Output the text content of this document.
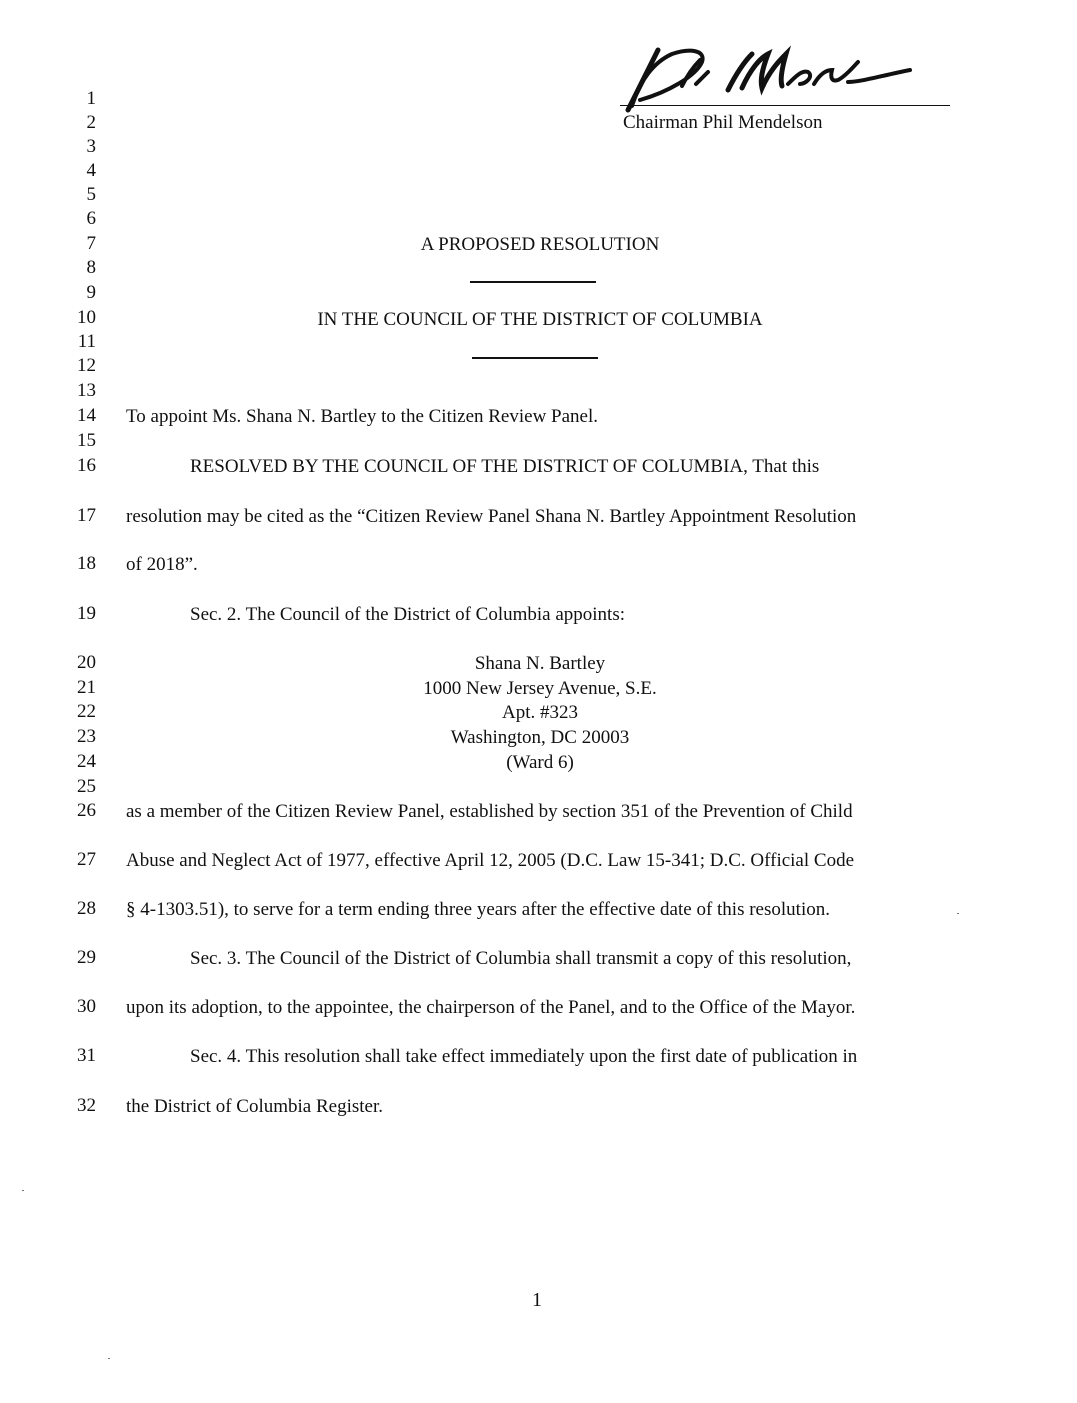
Chairman Phil Mendelson
1
2
3
4
5
6
7
8
9
10
11
12
13
14
15
16
17
18
19
20
21
22
23
24
25
26
27
28
29
30
31
32
A PROPOSED RESOLUTION
IN THE COUNCIL OF THE DISTRICT OF COLUMBIA
To appoint Ms. Shana N. Bartley to the Citizen Review Panel.
RESOLVED BY THE COUNCIL OF THE DISTRICT OF COLUMBIA, That this
resolution may be cited as the “Citizen Review Panel Shana N. Bartley Appointment Resolution
of 2018”.
Sec. 2. The Council of the District of Columbia appoints:
Shana N. Bartley
1000 New Jersey Avenue, S.E.
Apt. #323
Washington, DC 20003
(Ward 6)
as a member of the Citizen Review Panel, established by section 351 of the Prevention of Child
Abuse and Neglect Act of 1977, effective April 12, 2005 (D.C. Law 15-341; D.C. Official Code
§ 4-1303.51), to serve for a term ending three years after the effective date of this resolution.
Sec. 3. The Council of the District of Columbia shall transmit a copy of this resolution,
upon its adoption, to the appointee, the chairperson of the Panel, and to the Office of the Mayor.
Sec. 4. This resolution shall take effect immediately upon the first date of publication in
the District of Columbia Register.
1
